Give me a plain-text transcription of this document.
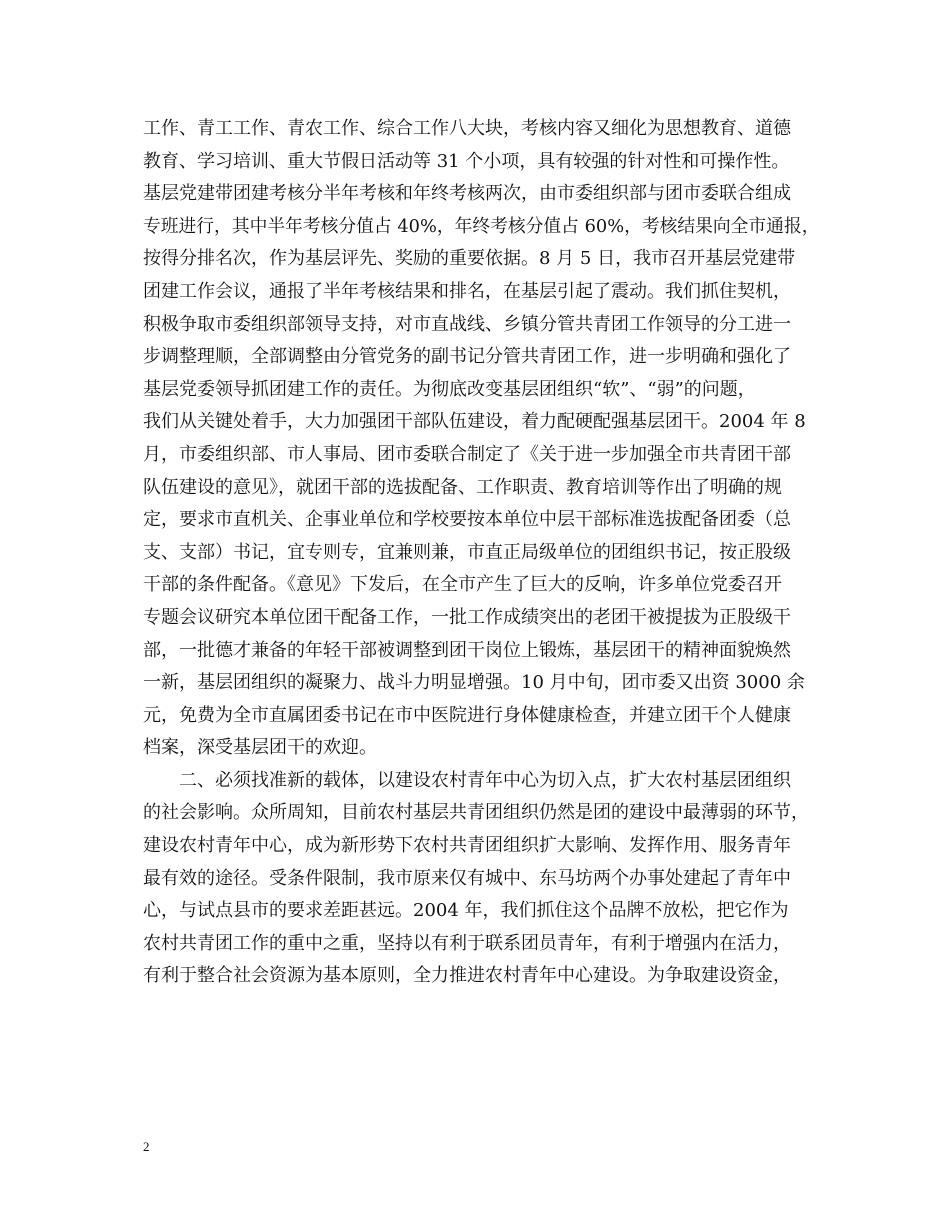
工作、青工工作、青农工作、综合工作八大块，考核内容又细化为思想教育、道德
教育、学习培训、重大节假日活动等 31 个小项，具有较强的针对性和可操作性。
基层党建带团建考核分半年考核和年终考核两次，由市委组织部与团市委联合组成
专班进行，其中半年考核分值占 40%，年终考核分值占 60%，考核结果向全市通报，
按得分排名次，作为基层评先、奖励的重要依据。8 月 5 日，我市召开基层党建带
团建工作会议，通报了半年考核结果和排名，在基层引起了震动。我们抓住契机，
积极争取市委组织部领导支持，对市直战线、乡镇分管共青团工作领导的分工进一
步调整理顺，全部调整由分管党务的副书记分管共青团工作，进一步明确和强化了
基层党委领导抓团建工作的责任。为彻底改变基层团组织“软”、“弱”的问题，
我们从关键处着手，大力加强团干部队伍建设，着力配硬配强基层团干。2004 年 8
月，市委组织部、市人事局、团市委联合制定了《关于进一步加强全市共青团干部
队伍建设的意见》，就团干部的选拔配备、工作职责、教育培训等作出了明确的规
定，要求市直机关、企事业单位和学校要按本单位中层干部标准选拔配备团委（总
支、支部）书记，宜专则专，宜兼则兼，市直正局级单位的团组织书记，按正股级
干部的条件配备。《意见》下发后，在全市产生了巨大的反响，许多单位党委召开
专题会议研究本单位团干配备工作，一批工作成绩突出的老团干被提拔为正股级干
部，一批德才兼备的年轻干部被调整到团干岗位上锻炼，基层团干的精神面貌焕然
一新，基层团组织的凝聚力、战斗力明显增强。10 月中旬，团市委又出资 3000 余
元，免费为全市直属团委书记在市中医院进行身体健康检查，并建立团干个人健康
档案，深受基层团干的欢迎。
二、必须找准新的载体，以建设农村青年中心为切入点，扩大农村基层团组织
的社会影响。众所周知，目前农村基层共青团组织仍然是团的建设中最薄弱的环节，
建设农村青年中心，成为新形势下农村共青团组织扩大影响、发挥作用、服务青年
最有效的途径。受条件限制，我市原来仅有城中、东马坊两个办事处建起了青年中
心，与试点县市的要求差距甚远。2004 年，我们抓住这个品牌不放松，把它作为
农村共青团工作的重中之重，坚持以有利于联系团员青年，有利于增强内在活力，
有利于整合社会资源为基本原则，全力推进农村青年中心建设。为争取建设资金，
2
